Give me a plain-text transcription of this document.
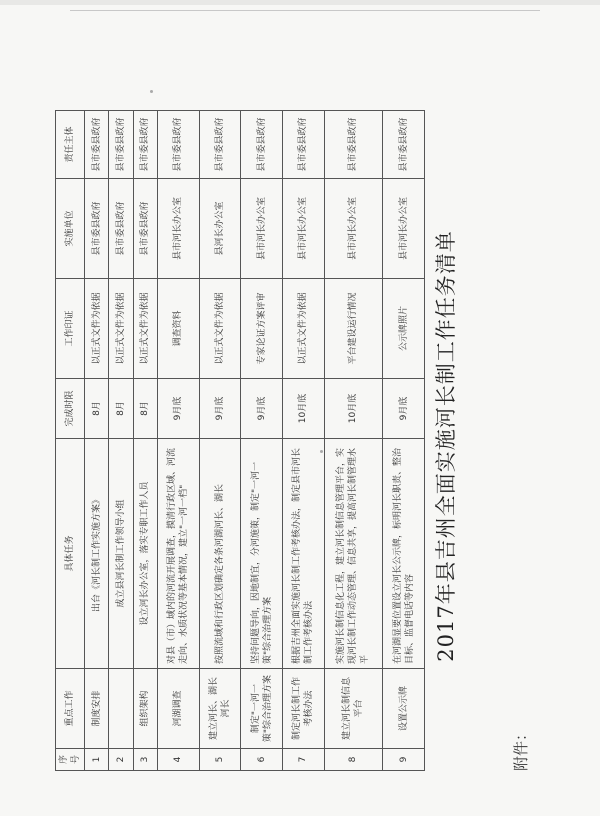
附件：
2017年县吉州全面实施河长制工作任务清单
序号	重点工作	具体任务	完成时限	工作印证	实施单位	责任主体
1	制度安排	出台《河长制工作实施方案》	8月	以正式文件为依据	县市委县政府	县市委县政府
2		成立县河长制工作领导小组	8月	以正式文件为依据	县市委县政府	县市委县政府
3	组织架构	设立河长办公室，落实专职工作人员	8月	以正式文件为依据	县市委县政府	县市委县政府
4	河湖调查	对县（市）域内的河流开展调查，摸清行政区域、河流走向、水质状况等基本情况，建立"一河一档"	9月底	调查资料	县市河长办公室	县市委县政府
5	建立河长、湖长河长	按照流域和行政区划确定各条河湖河长、湖长	9月底	以正式文件为依据	县河长办公室	县市委县政府
6	制定"一河一策"综合治理方案	坚持问题导向，因地制宜，分河施策，制定"一河一策"综合治理方案	9月底	专家论证方案评审	县市河长办公室	县市委县政府
7	制定河长制工作考核办法	根据吉州全面实施河长制工作考核办法，制定县市河长制工作考核办法	10月底	以正式文件为依据	县市河长办公室	县市委县政府
8	建立河长制信息平台	实施河长制信息化工程，建立河长制信息管理平台，实现河长制工作动态管理、信息共享，提高河长制管理水平	10月底	平台建设运行情况	县市河长办公室	县市委县政府
9	设置公示牌	在河湖显要位置设立河长公示牌，标明河长职责、整治目标、监督电话等内容	9月底	公示牌照片	县市河长办公室	县市委县政府
